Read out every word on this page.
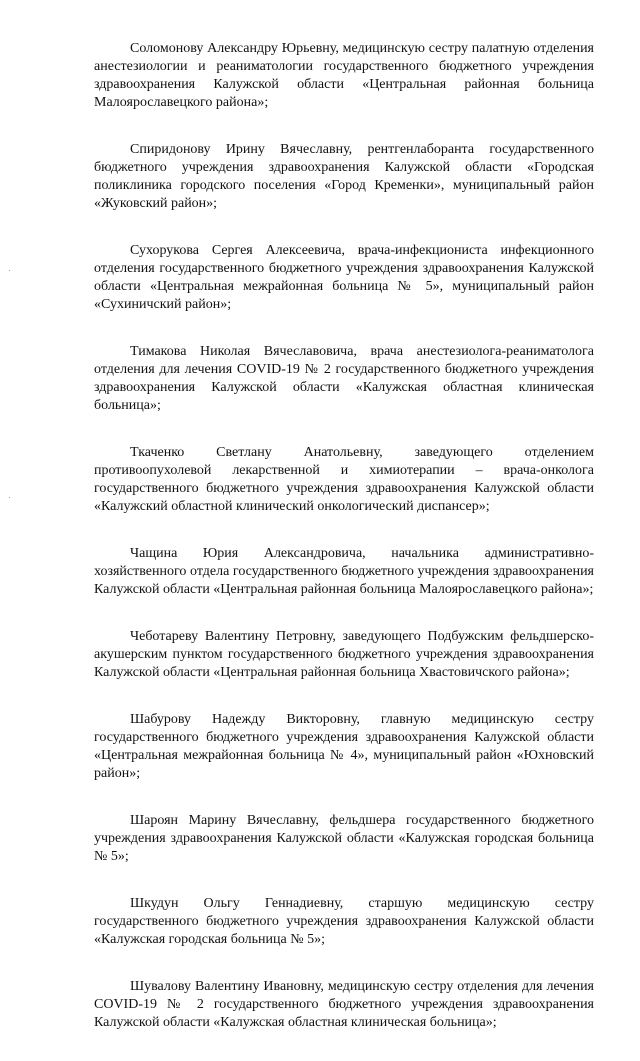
Соломонову Александру Юрьевну, медицинскую сестру палатную отделения анестезиологии и реаниматологии государственного бюджетного учреждения здравоохранения Калужской области «Центральная районная больница Малоярославецкого района»;

Спиридонову Ирину Вячеславну, рентгенлаборанта государственного бюджетного учреждения здравоохранения Калужской области «Городская поликлиника городского поселения «Город Кременки», муниципальный район «Жуковский район»;

Сухорукова Сергея Алексеевича, врача-инфекциониста инфекционного отделения государственного бюджетного учреждения здравоохранения Калужской области «Центральная межрайонная больница № 5», муниципальный район «Сухиничский район»;

Тимакова Николая Вячеславовича, врача анестезиолога-реаниматолога отделения для лечения COVID-19 № 2 государственного бюджетного учреждения здравоохранения Калужской области «Калужская областная клиническая больница»;

Ткаченко Светлану Анатольевну, заведующего отделением противоопухолевой лекарственной и химиотерапии – врача-онколога государственного бюджетного учреждения здравоохранения Калужской области «Калужский областной клинический онкологический диспансер»;

Чащина Юрия Александровича, начальника административно-хозяйственного отдела государственного бюджетного учреждения здравоохранения Калужской области «Центральная районная больница Малоярославецкого района»;

Чеботареву Валентину Петровну, заведующего Подбужским фельдшерско-акушерским пунктом государственного бюджетного учреждения здравоохранения Калужской области «Центральная районная больница Хвастовичского района»;

Шабурову Надежду Викторовну, главную медицинскую сестру государственного бюджетного учреждения здравоохранения Калужской области «Центральная межрайонная больница № 4», муниципальный район «Юхновский район»;

Шароян Марину Вячеславну, фельдшера государственного бюджетного учреждения здравоохранения Калужской области «Калужская городская больница № 5»;

Шкудун Ольгу Геннадиевну, старшую медицинскую сестру государственного бюджетного учреждения здравоохранения Калужской области «Калужская городская больница № 5»;

Шувалову Валентину Ивановну, медицинскую сестру отделения для лечения COVID-19 № 2 государственного бюджетного учреждения здравоохранения Калужской области «Калужская областная клиническая больница»;
